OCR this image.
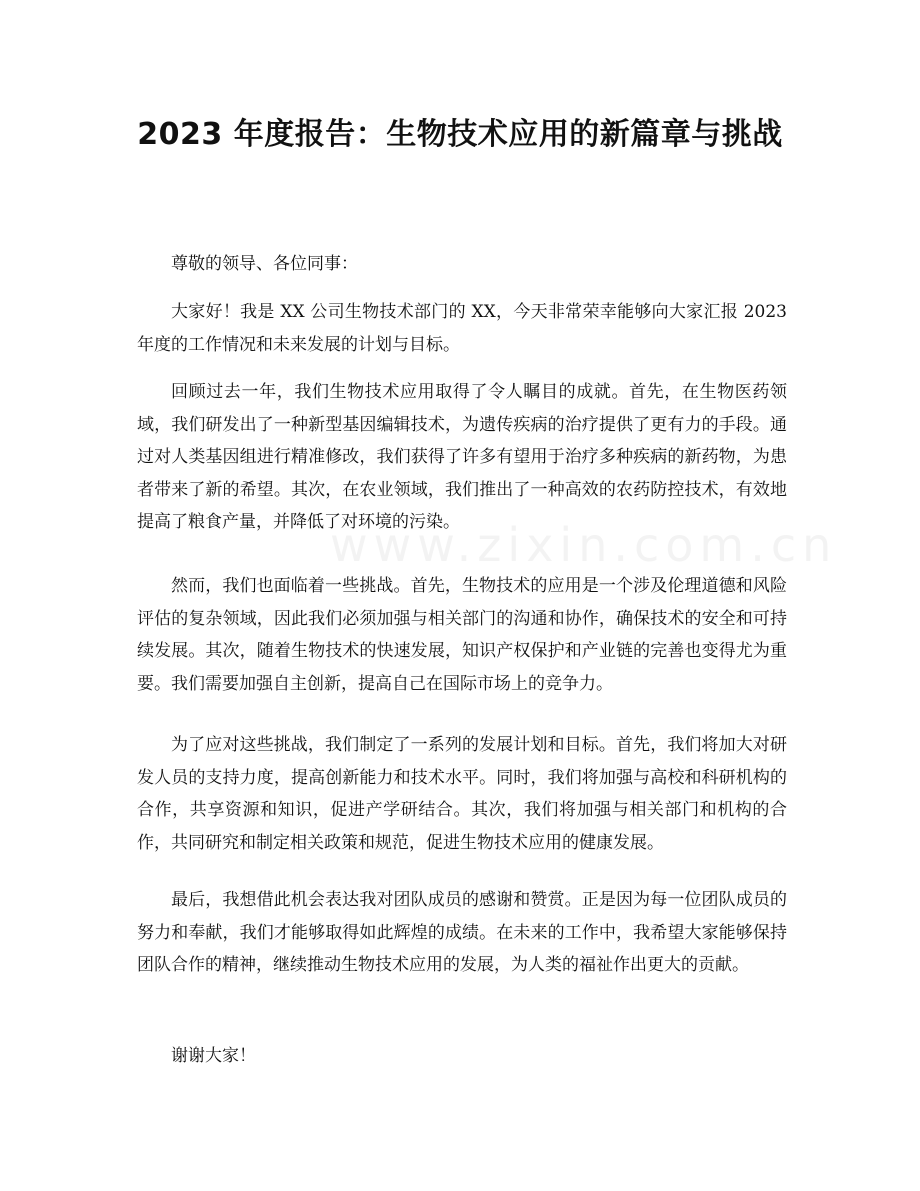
2023 年度报告：生物技术应用的新篇章与挑战
www.zixin.com.cn

尊敬的领导、各位同事：

大家好！我是 XX 公司生物技术部门的 XX，今天非常荣幸能够向大家汇报 2023 年度的工作情况和未来发展的计划与目标。

回顾过去一年，我们生物技术应用取得了令人瞩目的成就。首先，在生物医药领域，我们研发出了一种新型基因编辑技术，为遗传疾病的治疗提供了更有力的手段。通过对人类基因组进行精准修改，我们获得了许多有望用于治疗多种疾病的新药物，为患者带来了新的希望。其次，在农业领域，我们推出了一种高效的农药防控技术，有效地提高了粮食产量，并降低了对环境的污染。

然而，我们也面临着一些挑战。首先，生物技术的应用是一个涉及伦理道德和风险评估的复杂领域，因此我们必须加强与相关部门的沟通和协作，确保技术的安全和可持续发展。其次，随着生物技术的快速发展，知识产权保护和产业链的完善也变得尤为重要。我们需要加强自主创新，提高自己在国际市场上的竞争力。

为了应对这些挑战，我们制定了一系列的发展计划和目标。首先，我们将加大对研发人员的支持力度，提高创新能力和技术水平。同时，我们将加强与高校和科研机构的合作，共享资源和知识，促进产学研结合。其次，我们将加强与相关部门和机构的合作，共同研究和制定相关政策和规范，促进生物技术应用的健康发展。

最后，我想借此机会表达我对团队成员的感谢和赞赏。正是因为每一位团队成员的努力和奉献，我们才能够取得如此辉煌的成绩。在未来的工作中，我希望大家能够保持团队合作的精神，继续推动生物技术应用的发展，为人类的福祉作出更大的贡献。

谢谢大家！
